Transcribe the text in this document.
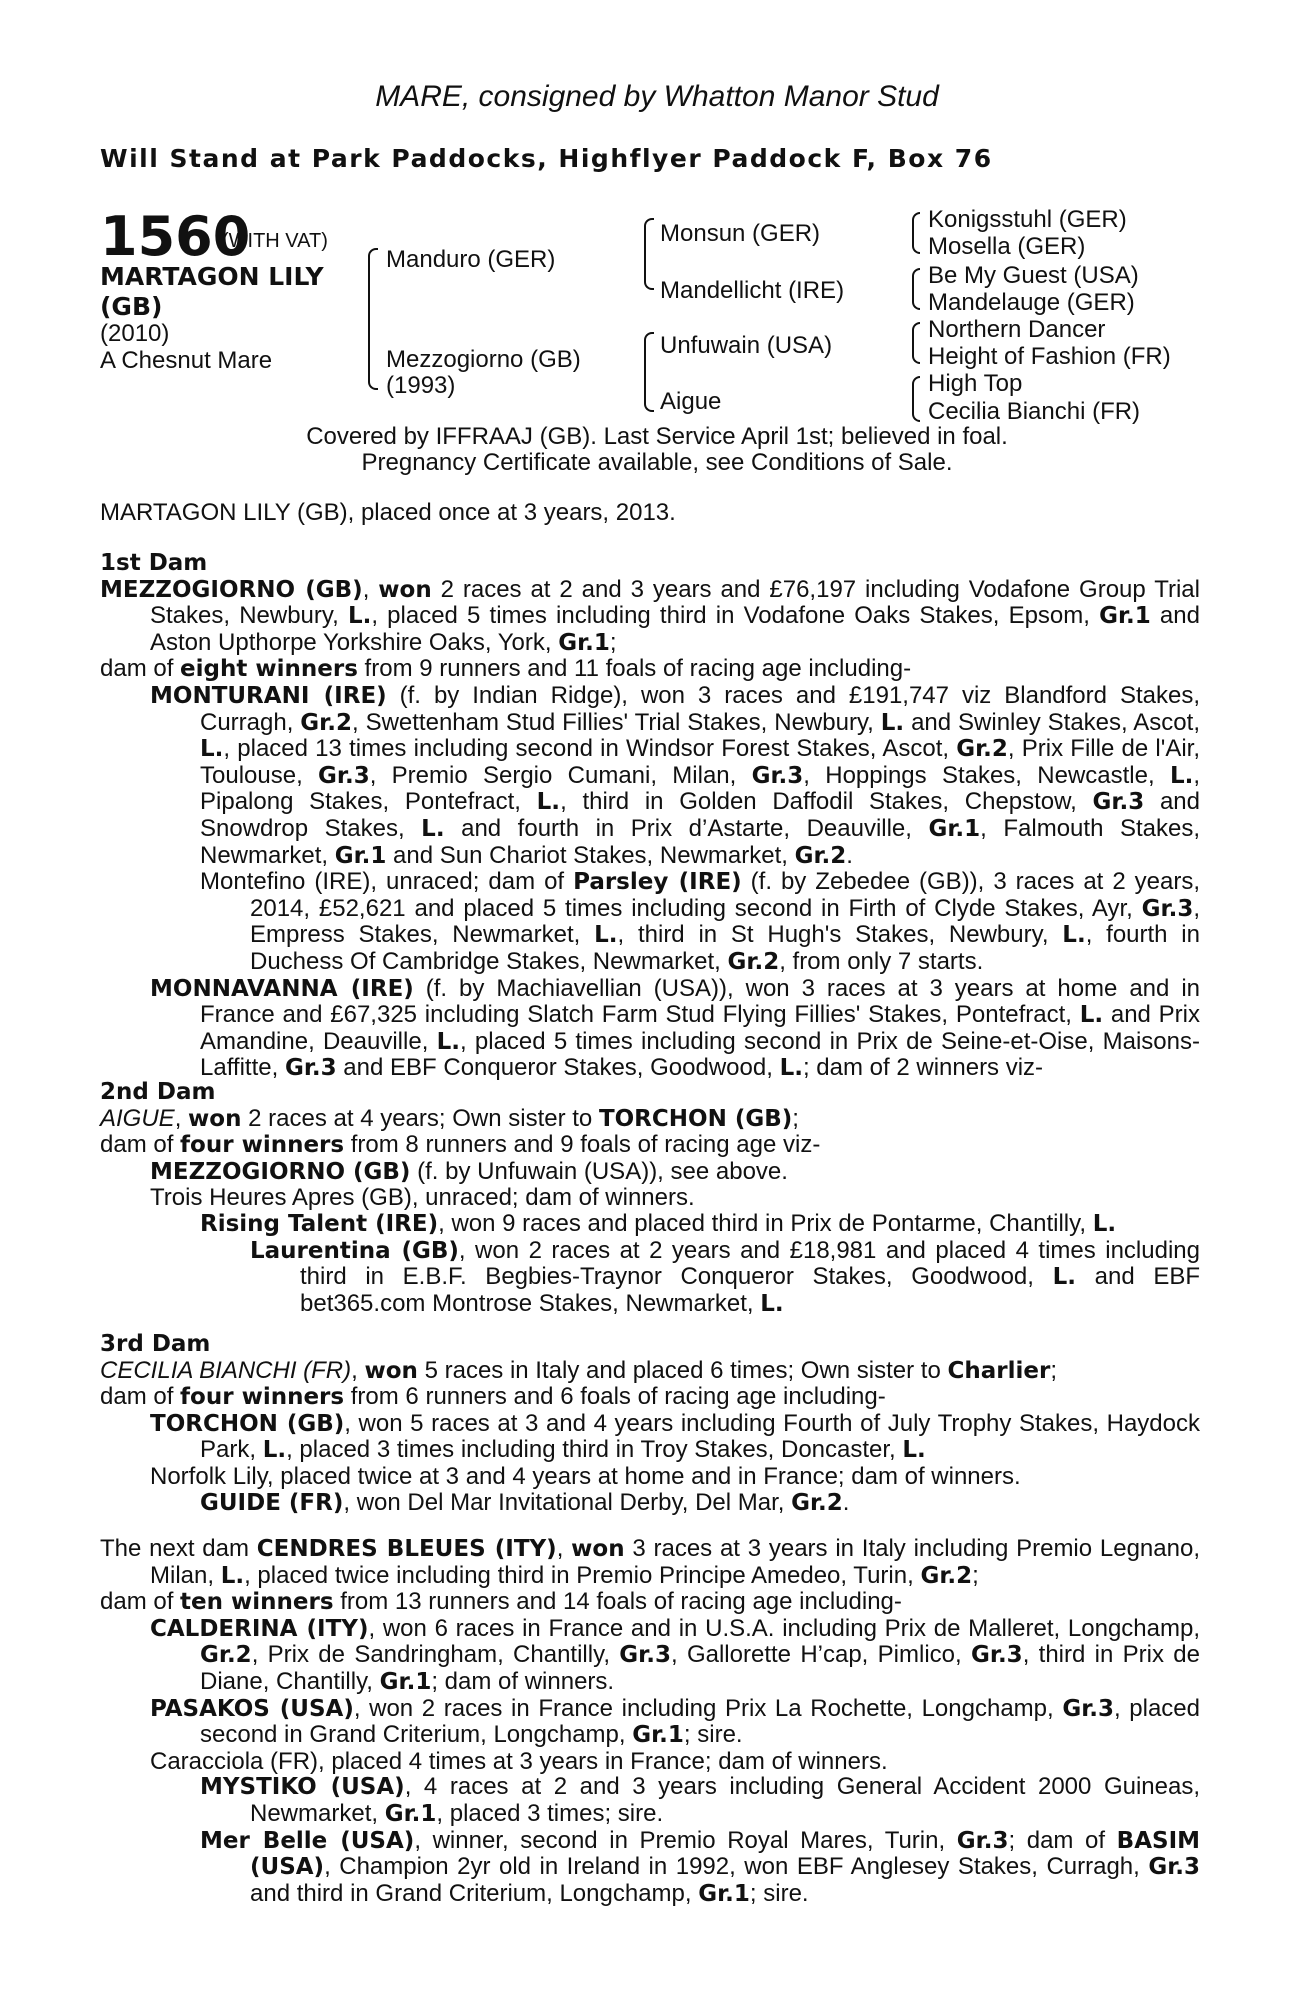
MARE, consigned by Whatton Manor Stud
Will Stand at Park Paddocks, Highflyer Paddock F, Box 76
1560
(WITH VAT)
MARTAGON LILY (GB)
(2010)
A Chesnut Mare
Manduro (GER)
Mezzogiorno (GB)
(1993)
Monsun (GER)
Mandellicht (IRE)
Unfuwain (USA)
Aigue
Konigsstuhl (GER)
Mosella (GER)
Be My Guest (USA)
Mandelauge (GER)
Northern Dancer
Height of Fashion (FR)
High Top
Cecilia Bianchi (FR)
Covered by IFFRAAJ (GB). Last Service April 1st; believed in foal.
Pregnancy Certificate available, see Conditions of Sale.

MARTAGON LILY (GB), placed once at 3 years, 2013.

1st Dam

MEZZOGIORNO (GB), won 2 races at 2 and 3 years and £76,197 including Vodafone Group Trial Stakes, Newbury, L., placed 5 times including third in Vodafone Oaks Stakes, Epsom, Gr.1 and Aston Upthorpe Yorkshire Oaks, York, Gr.1;

dam of eight winners from 9 runners and 11 foals of racing age including-

MONTURANI (IRE) (f. by Indian Ridge), won 3 races and £191,747 viz Blandford Stakes, Curragh, Gr.2, Swettenham Stud Fillies' Trial Stakes, Newbury, L. and Swinley Stakes, Ascot, L., placed 13 times including second in Windsor Forest Stakes, Ascot, Gr.2, Prix Fille de l'Air, Toulouse, Gr.3, Premio Sergio Cumani, Milan, Gr.3, Hoppings Stakes, Newcastle, L., Pipalong Stakes, Pontefract, L., third in Golden Daffodil Stakes, Chepstow, Gr.3 and Snowdrop Stakes, L. and fourth in Prix d’Astarte, Deauville, Gr.1, Falmouth Stakes, Newmarket, Gr.1 and Sun Chariot Stakes, Newmarket, Gr.2.

Montefino (IRE), unraced; dam of Parsley (IRE) (f. by Zebedee (GB)), 3 races at 2 years, 2014, £52,621 and placed 5 times including second in Firth of Clyde Stakes, Ayr, Gr.3, Empress Stakes, Newmarket, L., third in St Hugh's Stakes, Newbury, L., fourth in Duchess Of Cambridge Stakes, Newmarket, Gr.2, from only 7 starts.

MONNAVANNA (IRE) (f. by Machiavellian (USA)), won 3 races at 3 years at home and in France and £67,325 including Slatch Farm Stud Flying Fillies' Stakes, Pontefract, L. and Prix Amandine, Deauville, L., placed 5 times including second in Prix de Seine-et-Oise, Maisons-Laffitte, Gr.3 and EBF Conqueror Stakes, Goodwood, L.; dam of 2 winners viz-

2nd Dam

AIGUE, won 2 races at 4 years; Own sister to TORCHON (GB);

dam of four winners from 8 runners and 9 foals of racing age viz-

MEZZOGIORNO (GB) (f. by Unfuwain (USA)), see above.

Trois Heures Apres (GB), unraced; dam of winners.

Rising Talent (IRE), won 9 races and placed third in Prix de Pontarme, Chantilly, L.

Laurentina (GB), won 2 races at 2 years and £18,981 and placed 4 times including third in E.B.F. Begbies-Traynor Conqueror Stakes, Goodwood, L. and EBF bet365.com Montrose Stakes, Newmarket, L.

3rd Dam

CECILIA BIANCHI (FR), won 5 races in Italy and placed 6 times; Own sister to Charlier;

dam of four winners from 6 runners and 6 foals of racing age including-

TORCHON (GB), won 5 races at 3 and 4 years including Fourth of July Trophy Stakes, Haydock Park, L., placed 3 times including third in Troy Stakes, Doncaster, L.

Norfolk Lily, placed twice at 3 and 4 years at home and in France; dam of winners.

GUIDE (FR), won Del Mar Invitational Derby, Del Mar, Gr.2.

The next dam CENDRES BLEUES (ITY), won 3 races at 3 years in Italy including Premio Legnano, Milan, L., placed twice including third in Premio Principe Amedeo, Turin, Gr.2;

dam of ten winners from 13 runners and 14 foals of racing age including-

CALDERINA (ITY), won 6 races in France and in U.S.A. including Prix de Malleret, Longchamp, Gr.2, Prix de Sandringham, Chantilly, Gr.3, Gallorette H’cap, Pimlico, Gr.3, third in Prix de Diane, Chantilly, Gr.1; dam of winners.

PASAKOS (USA), won 2 races in France including Prix La Rochette, Longchamp, Gr.3, placed second in Grand Criterium, Longchamp, Gr.1; sire.

Caracciola (FR), placed 4 times at 3 years in France; dam of winners.

MYSTIKO (USA), 4 races at 2 and 3 years including General Accident 2000 Guineas, Newmarket, Gr.1, placed 3 times; sire.

Mer Belle (USA), winner, second in Premio Royal Mares, Turin, Gr.3; dam of BASIM (USA), Champion 2yr old in Ireland in 1992, won EBF Anglesey Stakes, Curragh, Gr.3 and third in Grand Criterium, Longchamp, Gr.1; sire.
